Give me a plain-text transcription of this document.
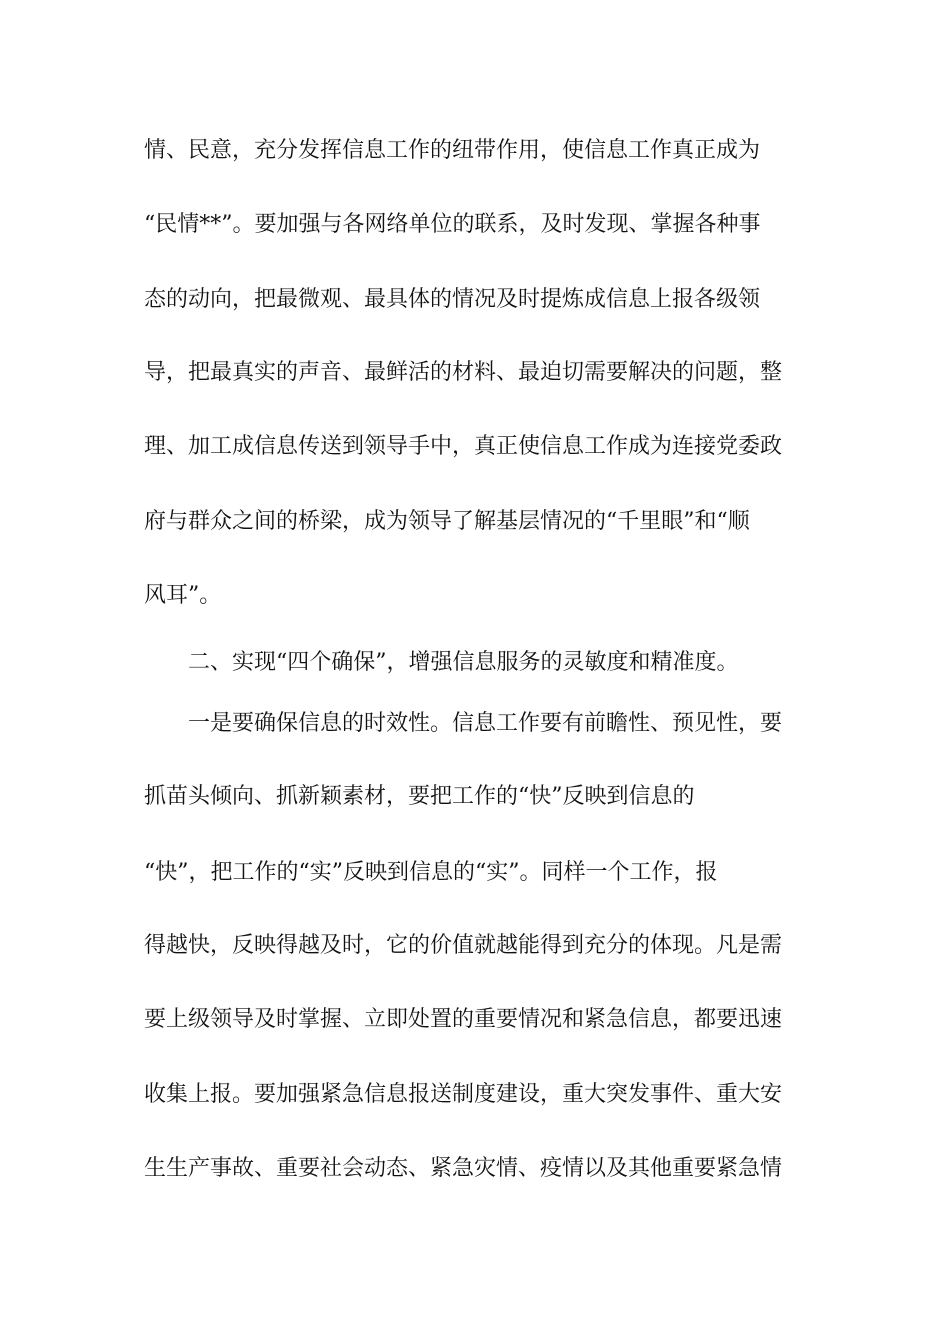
情、民意，充分发挥信息工作的纽带作用，使信息工作真正成为
“民情**”。要加强与各网络单位的联系，及时发现、掌握各种事
态的动向，把最微观、最具体的情况及时提炼成信息上报各级领
导，把最真实的声音、最鲜活的材料、最迫切需要解决的问题，整
理、加工成信息传送到领导手中，真正使信息工作成为连接党委政
府与群众之间的桥梁，成为领导了解基层情况的“千里眼”和“顺
风耳”。
二、实现“四个确保”，增强信息服务的灵敏度和精准度。
一是要确保信息的时效性。信息工作要有前瞻性、预见性，要
抓苗头倾向、抓新颖素材，要把工作的“快”反映到信息的
“快”，把工作的“实”反映到信息的“实”。同样一个工作，报
得越快，反映得越及时，它的价值就越能得到充分的体现。凡是需
要上级领导及时掌握、立即处置的重要情况和紧急信息，都要迅速
收集上报。要加强紧急信息报送制度建设，重大突发事件、重大安
生生产事故、重要社会动态、紧急灾情、疫情以及其他重要紧急情
